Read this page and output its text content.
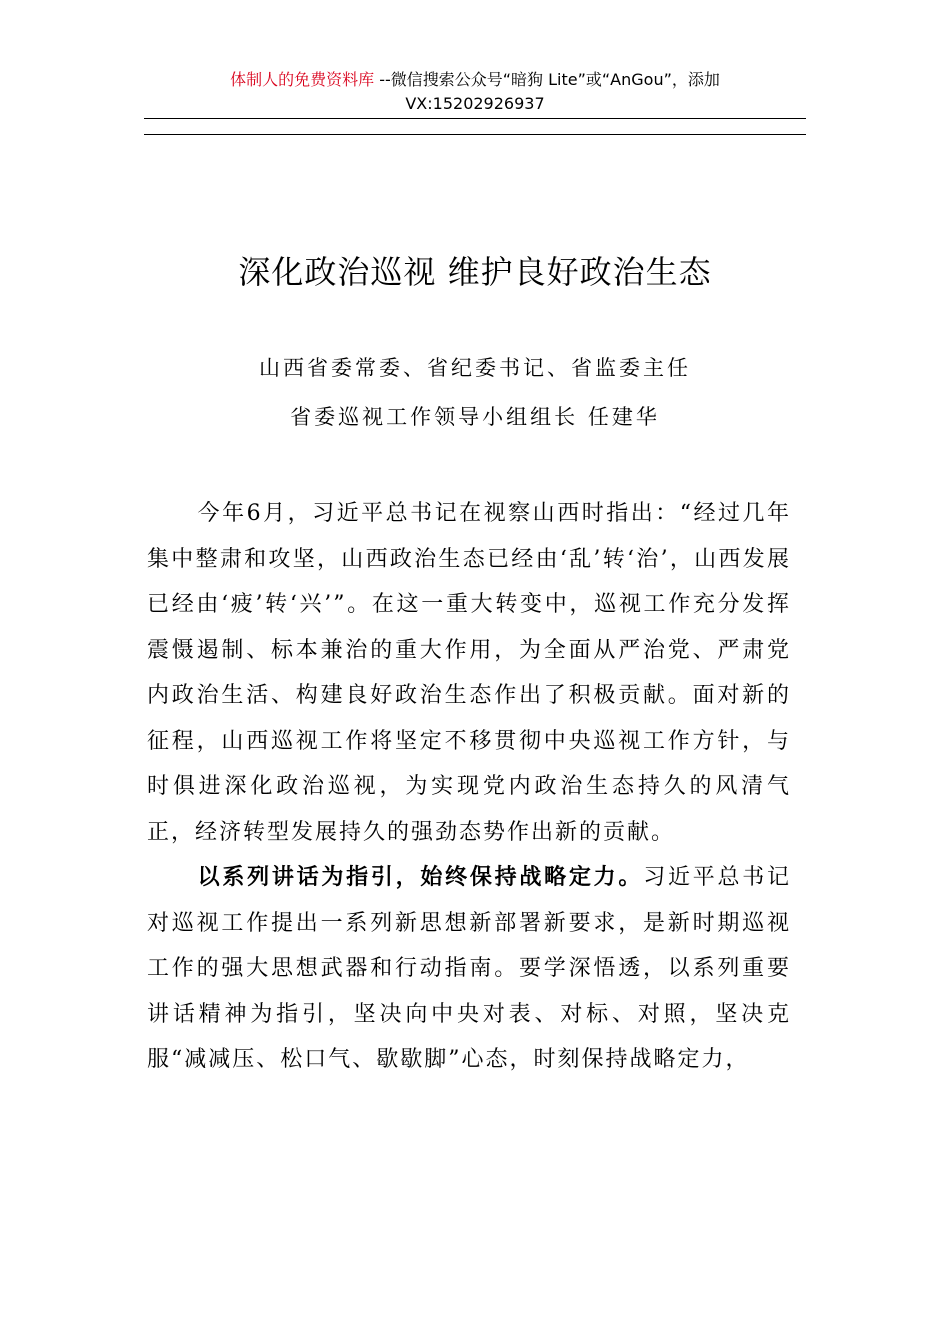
体制人的免费资料库 --微信搜索公众号“暗狗 Lite”或“AnGou”，添加
VX:15202926937
深化政治巡视 维护良好政治生态
山西省委常委、省纪委书记、省监委主任
省委巡视工作领导小组组长 任建华

今年6月，习近平总书记在视察山西时指出：“经过几年集中整肃和攻坚，山西政治生态已经由‘乱’转‘治’，山西发展已经由‘疲’转‘兴’”。在这一重大转变中，巡视工作充分发挥震慑遏制、标本兼治的重大作用，为全面从严治党、严肃党内政治生活、构建良好政治生态作出了积极贡献。面对新的征程，山西巡视工作将坚定不移贯彻中央巡视工作方针，与时俱进深化政治巡视，为实现党内政治生态持久的风清气正，经济转型发展持久的强劲态势作出新的贡献。

以系列讲话为指引，始终保持战略定力。习近平总书记对巡视工作提出一系列新思想新部署新要求，是新时期巡视工作的强大思想武器和行动指南。要学深悟透，以系列重要讲话精神为指引，坚决向中央对表、对标、对照，坚决克服“减减压、松口气、歇歇脚”心态，时刻保持战略定力，
